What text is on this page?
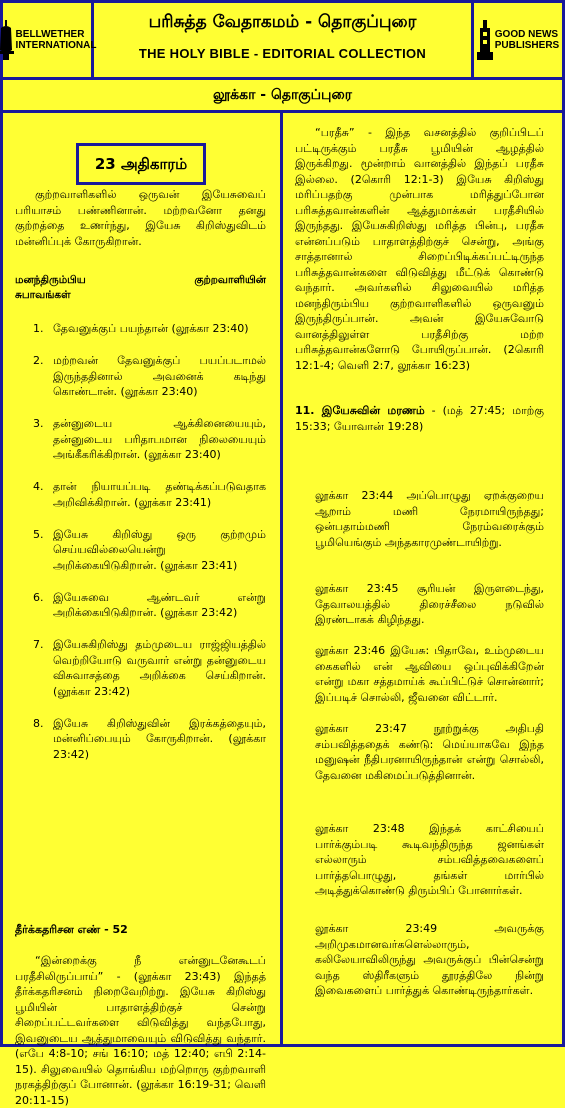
BELLWETHER
INTERNATIONAL
பரிசுத்த வேதாகமம் - தொகுப்புரை
THE HOLY BIBLE - EDITORIAL COLLECTION
GOOD NEWS
PUBLISHERS
லூக்கா - தொகுப்புரை
23 அதிகாரம்

குற்றவாளிகளில் ஒருவன் இயேசுவைப் பரியாசம் பண்ணினான். மற்றவனோ தனது குற்றத்தை உணர்ந்து, இயேசு கிறிஸ்துவிடம் மன்னிப்புக் கோருகிறான்.

மனந்திரும்பிய	குற்றவாளியின்
சுபாவங்கள்
1. தேவனுக்குப் பயந்தான் (லூக்கா 23:40)
2. மற்றவன் தேவனுக்குப் பயப்படாமல் இருந்ததினால் அவனைக் கடிந்து கொண்டான். (லூக்கா 23:40)
3. தன்னுடைய ஆக்கினையையும், தன்னுடைய பரிதாபமான நிலையையும் அங்கீகரிக்கிறான். (லூக்கா 23:40)
4. தான் நியாயப்படி தண்டிக்கப்படுவதாக அறிவிக்கிறான். (லூக்கா 23:41)
5. இயேசு கிறிஸ்து ஒரு குற்றமும் செய்யவில்லையென்று அறிக்கையிடுகிறான். (லூக்கா 23:41)
6. இயேசுவை ஆண்டவர் என்று அறிக்கையிடுகிறான். (லூக்கா 23:42)
7. இயேசுகிறிஸ்து தம்முடைய ராஜ்ஜியத்தில் வெற்றியோடு வருவார் என்று தன்னுடைய விசுவாசத்தை அறிக்கை செய்கிறான். (லூக்கா 23:42)
8. இயேசு கிறிஸ்துவின் இரக்கத்தையும், மன்னிப்பையும் கோருகிறான். (லூக்கா 23:42)
தீர்க்கதரிசன எண் - 52

“இன்றைக்கு நீ என்னுடனேகூடப் பரதீசிலிருப்பாய்” - (லூக்கா 23:43) இந்தத் தீர்க்கதரிசனம் நிறைவேறிற்று. இயேசு கிறிஸ்து பூமியின் பாதாளத்திற்குச் சென்று சிறைப்பட்டவர்களை விடுவித்து வந்தபோது, இவனுடைய ஆத்துமாவையும் விடுவித்து வந்தார். (எபே 4:8-10; சங் 16:10; மத் 12:40; எபி 2:14-15). சிலுவையில் தொங்கிய மற்றொரு குற்றவாளி நரகத்திற்குப் போனான். (லூக்கா 16:19-31; வெளி 20:11-15)

“பரதீசு” - இந்த வசனத்தில் குறிப்பிடப் பட்டிருக்கும் பரதீசு பூமியின் ஆழத்தில் இருக்கிறது. மூன்றாம் வானத்தில் இந்தப் பரதீசு இல்லை. (2கொரி 12:1-3) இயேசு கிறிஸ்து மரிப்பதற்கு முன்பாக மரித்துப்போன பரிசுத்தவான்களின் ஆத்துமாக்கள் பரதீசியில் இருந்தது. இயேசுகிறிஸ்து மரித்த பின்பு, பரதீசு என்னப்படும் பாதாளத்திற்குச் சென்று, அங்கு சாத்தானால் சிறைப்பிடிக்கப்பட்டிருந்த பரிசுத்தவான்களை விடுவித்து மீட்டுக் கொண்டு வந்தார். அவர்களில் சிலுவையில் மரித்த மனந்திரும்பிய குற்றவாளிகளில் ஒருவனும் இருந்திருப்பான். அவன் இயேசுவோடு வானத்திலுள்ள பரதீசிற்கு மற்ற பரிசுத்தவான்களோடு போயிருப்பான். (2கொரி 12:1-4; வெளி 2:7, லூக்கா 16:23)

11. இயேசுவின் மரணம் - (மத் 27:45; மாற்கு 15:33; யோவான் 19:28)

லூக்கா 23:44 அப்பொழுது ஏறக்குறைய ஆறாம் மணி நேரமாயிருந்தது; ஒன்பதாம்மணி நேரம்வரைக்கும் பூமியெங்கும் அந்தகாரமுண்டாயிற்று.

லூக்கா 23:45 சூரியன் இருளடைந்து, தேவாலயத்தில் திரைச்சீலை நடுவில் இரண்டாகக் கிழிந்தது.

லூக்கா 23:46 இயேசு: பிதாவே, உம்முடைய கைகளில் என் ஆவியை ஒப்புவிக்கிறேன் என்று மகா சத்தமாய்க் கூப்பிட்டுச் சொன்னார்; இப்படிச் சொல்லி, ஜீவனை விட்டார்.

லூக்கா 23:47 நூற்றுக்கு அதிபதி சம்பவித்ததைக் கண்டு: மெய்யாகவே இந்த மனுஷன் நீதிபரனாயிருந்தான் என்று சொல்லி, தேவனை மகிமைப்படுத்தினான்.

லூக்கா 23:48 இந்தக் காட்சியைப் பார்க்கும்படி கூடிவந்திருந்த ஜனங்கள் எல்லாரும் சம்பவித்தவைகளைப் பார்த்தபொழுது, தங்கள் மார்பில் அடித்துக்கொண்டு திரும்பிப் போனார்கள்.

லூக்கா 23:49 அவருக்கு அறிமுகமானவர்களெல்லாரும், கலிலேயாவிலிருந்து அவருக்குப் பின்சென்று வந்த ஸ்திரீகளும் தூரத்திலே நின்று இவைகளைப் பார்த்துக் கொண்டிருந்தார்கள்.
